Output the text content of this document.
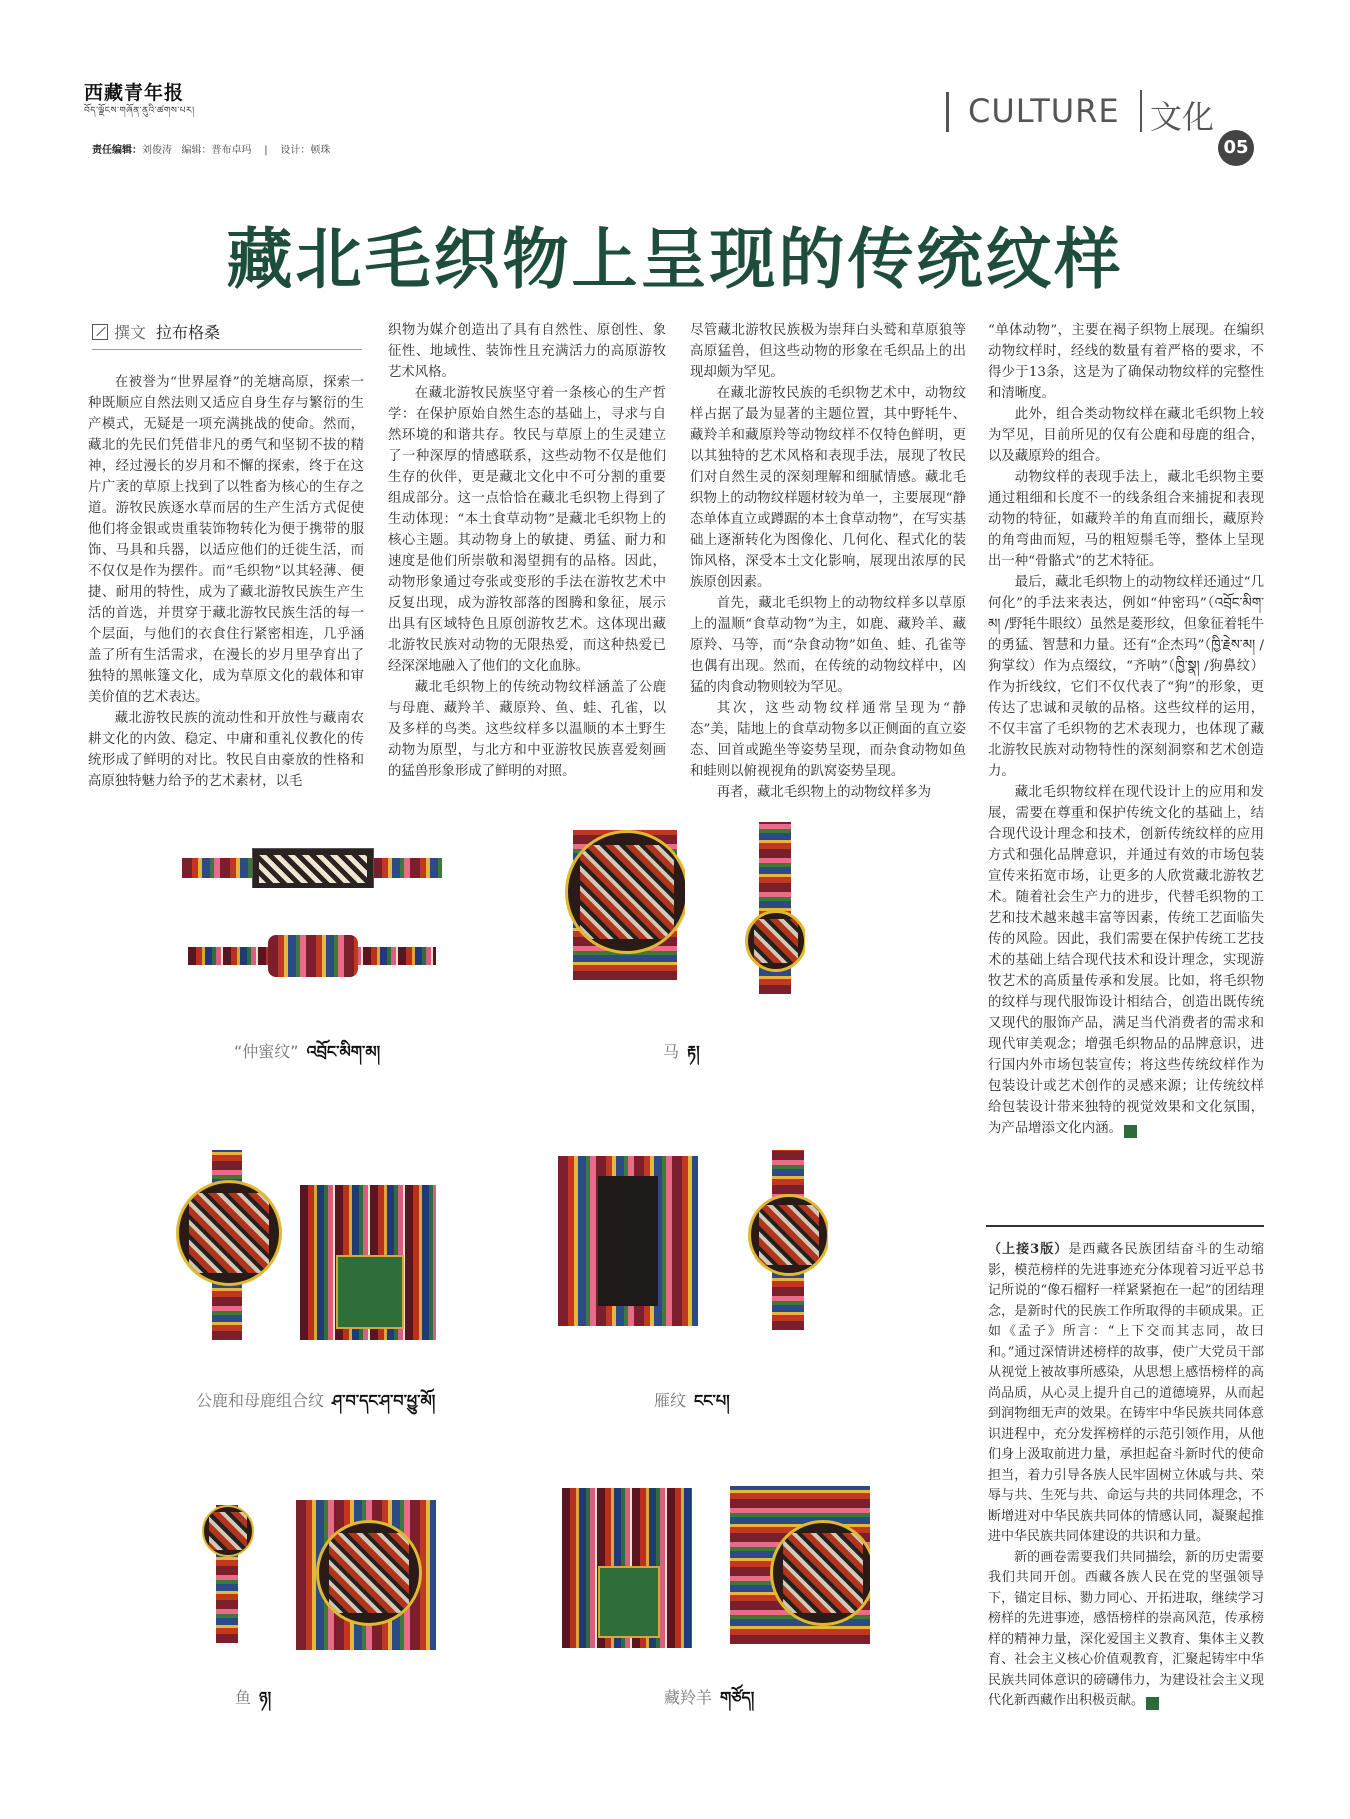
西藏青年报
བོད་ལྗོངས་གཞོན་ནུའི་ཚགས་པར།
责任编辑：刘俊涛 编辑：普布卓玛 | 设计：顿珠
CULTURE 文化
05
藏北毛织物上呈现的传统纹样
撰文 拉布格桑

在被誉为“世界屋脊”的羌塘高原，探索一种既顺应自然法则又适应自身生存与繁衍的生产模式，无疑是一项充满挑战的使命。然而，藏北的先民们凭借非凡的勇气和坚韧不拔的精神，经过漫长的岁月和不懈的探索，终于在这片广袤的草原上找到了以牲畜为核心的生存之道。游牧民族逐水草而居的生产生活方式促使他们将金银或贵重装饰物转化为便于携带的服饰、马具和兵器，以适应他们的迁徙生活，而不仅仅是作为摆件。而“毛织物”以其轻薄、便捷、耐用的特性，成为了藏北游牧民族生产生活的首选，并贯穿于藏北游牧民族生活的每一个层面，与他们的衣食住行紧密相连，几乎涵盖了所有生活需求，在漫长的岁月里孕育出了独特的黑帐篷文化，成为草原文化的载体和审美价值的艺术表达。

藏北游牧民族的流动性和开放性与藏南农耕文化的内敛、稳定、中庸和重礼仪教化的传统形成了鲜明的对比。牧民自由豪放的性格和高原独特魅力给予的艺术素材，以毛

织物为媒介创造出了具有自然性、原创性、象征性、地域性、装饰性且充满活力的高原游牧艺术风格。

在藏北游牧民族坚守着一条核心的生产哲学：在保护原始自然生态的基础上，寻求与自然环境的和谐共存。牧民与草原上的生灵建立了一种深厚的情感联系，这些动物不仅是他们生存的伙伴，更是藏北文化中不可分割的重要组成部分。这一点恰恰在藏北毛织物上得到了生动体现：“本土食草动物”是藏北毛织物上的核心主题。其动物身上的敏捷、勇猛、耐力和速度是他们所崇敬和渴望拥有的品格。因此，动物形象通过夸张或变形的手法在游牧艺术中反复出现，成为游牧部落的图腾和象征，展示出具有区域特色且原创游牧艺术。这体现出藏北游牧民族对动物的无限热爱，而这种热爱已经深深地融入了他们的文化血脉。

藏北毛织物上的传统动物纹样涵盖了公鹿与母鹿、藏羚羊、藏原羚、鱼、蛙、孔雀，以及多样的鸟类。这些纹样多以温顺的本土野生动物为原型，与北方和中亚游牧民族喜爱刻画的猛兽形象形成了鲜明的对照。

尽管藏北游牧民族极为崇拜白头鹫和草原狼等高原猛兽，但这些动物的形象在毛织品上的出现却颇为罕见。

在藏北游牧民族的毛织物艺术中，动物纹样占据了最为显著的主题位置，其中野牦牛、藏羚羊和藏原羚等动物纹样不仅特色鲜明，更以其独特的艺术风格和表现手法，展现了牧民们对自然生灵的深刻理解和细腻情感。藏北毛织物上的动物纹样题材较为单一，主要展现“静态单体直立或蹲踞的本土食草动物”，在写实基础上逐渐转化为图像化、几何化、程式化的装饰风格，深受本土文化影响，展现出浓厚的民族原创因素。

首先，藏北毛织物上的动物纹样多以草原上的温顺“食草动物”为主，如鹿、藏羚羊、藏原羚、马等，而“杂食动物”如鱼、蛙、孔雀等也偶有出现。然而，在传统的动物纹样中，凶猛的肉食动物则较为罕见。

其次，这些动物纹样通常呈现为“静态”美，陆地上的食草动物多以正侧面的直立姿态、回首或跪坐等姿势呈现，而杂食动物如鱼和蛙则以俯视视角的趴窝姿势呈现。

再者，藏北毛织物上的动物纹样多为

“单体动物”，主要在褐子织物上展现。在编织动物纹样时，经线的数量有着严格的要求，不得少于13条，这是为了确保动物纹样的完整性和清晰度。

此外，组合类动物纹样在藏北毛织物上较为罕见，目前所见的仅有公鹿和母鹿的组合，以及藏原羚的组合。

动物纹样的表现手法上，藏北毛织物主要通过粗细和长度不一的线条组合来捕捉和表现动物的特征，如藏羚羊的角直而细长，藏原羚的角弯曲而短，马的粗短鬃毛等，整体上呈现出一种“骨骼式”的艺术特征。

最后，藏北毛织物上的动物纹样还通过“几何化”的手法来表达，例如“仲密玛”（འབྲོང་མིག་མ། /野牦牛眼纹）虽然是菱形纹，但象征着牦牛的勇猛、智慧和力量。还有“企杰玛”（ཁྱི་རྗེས་མ། /狗掌纹）作为点缀纹，“齐呐”（ཁྱི་སྣ། /狗鼻纹）作为折线纹，它们不仅代表了“狗”的形象，更传达了忠诚和灵敏的品格。这些纹样的运用，不仅丰富了毛织物的艺术表现力，也体现了藏北游牧民族对动物特性的深刻洞察和艺术创造力。

藏北毛织物纹样在现代设计上的应用和发展，需要在尊重和保护传统文化的基础上，结合现代设计理念和技术，创新传统纹样的应用方式和强化品牌意识，并通过有效的市场包装宣传来拓宽市场，让更多的人欣赏藏北游牧艺术。随着社会生产力的进步，代替毛织物的工艺和技术越来越丰富等因素，传统工艺面临失传的风险。因此，我们需要在保护传统工艺技术的基础上结合现代技术和设计理念，实现游牧艺术的高质量传承和发展。比如，将毛织物的纹样与现代服饰设计相结合，创造出既传统又现代的服饰产品，满足当代消费者的需求和现代审美观念；增强毛织物品的品牌意识，进行国内外市场包装宣传；将这些传统纹样作为包装设计或艺术创作的灵感来源；让传统纹样给包装设计带来独特的视觉效果和文化氛围，为产品增添文化内涵。	青

（上接3版）是西藏各民族团结奋斗的生动缩影，模范榜样的先进事迹充分体现着习近平总书记所说的“像石榴籽一样紧紧抱在一起”的团结理念，是新时代的民族工作所取得的丰硕成果。正如《孟子》所言：“上下交而其志同，故曰和。”通过深情讲述榜样的故事，使广大党员干部从视觉上被故事所感染，从思想上感悟榜样的高尚品质，从心灵上提升自己的道德境界，从而起到润物细无声的效果。在铸牢中华民族共同体意识进程中，充分发挥榜样的示范引领作用，从他们身上汲取前进力量，承担起奋斗新时代的使命担当，着力引导各族人民牢固树立休戚与共、荣辱与共、生死与共、命运与共的共同体理念，不断增进对中华民族共同体的情感认同，凝聚起推进中华民族共同体建设的共识和力量。

新的画卷需要我们共同描绘，新的历史需要我们共同开创。西藏各族人民在党的坚强领导下，锚定目标、勠力同心、开拓进取，继续学习榜样的先进事迹，感悟榜样的崇高风范，传承榜样的精神力量，深化爱国主义教育、集体主义教育、社会主义核心价值观教育，汇聚起铸牢中华民族共同体意识的磅礴伟力，为建设社会主义现代化新西藏作出积极贡献。	青

“仲蜜纹” འབྲོང་མིག་མ།	马 རྟ།
公鹿和母鹿组合纹 ཤ་བ་དང་ཤ་བ་ཕྱུ་མོ།	雁纹 ངང་པ།
鱼 ཉ།	藏羚羊 གཙོད།
